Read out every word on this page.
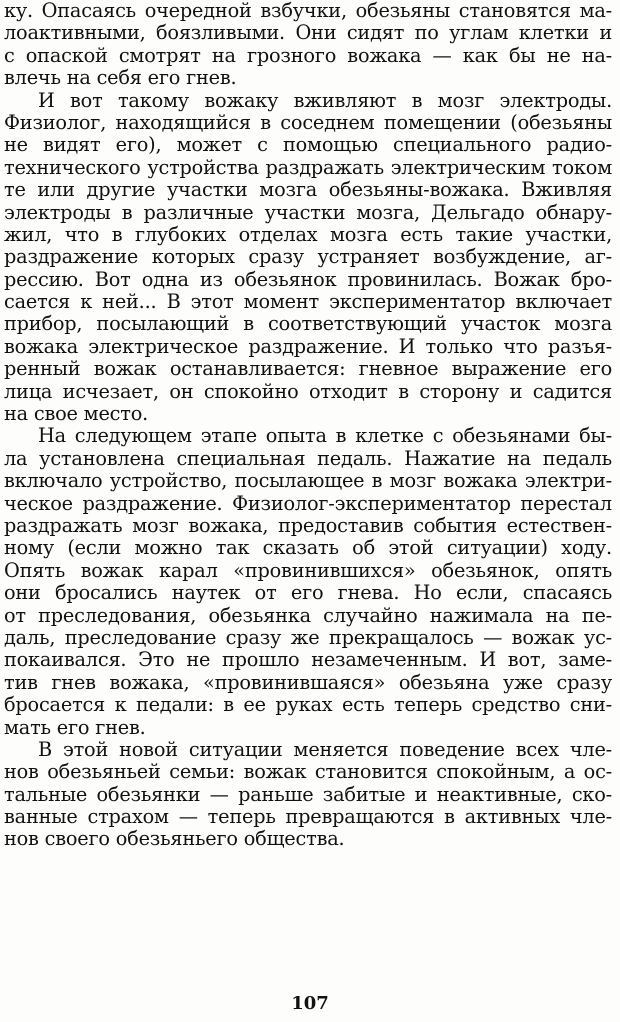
ку. Опасаясь очередной взбучки, обезьяны становятся ма-
лоактивными, боязливыми. Они сидят по углам клетки и
с опаской смотрят на грозного вожака — как бы не на-
влечь на себя его гнев.
И вот такому вожаку вживляют в мозг электроды.
Физиолог, находящийся в соседнем помещении (обезьяны
не видят его), может с помощью специального радио-
технического устройства раздражать электрическим током
те или другие участки мозга обезьяны-вожака. Вживляя
электроды в различные участки мозга, Дельгадо обнару-
жил, что в глубоких отделах мозга есть такие участки,
раздражение которых сразу устраняет возбуждение, аг-
рессию. Вот одна из обезьянок провинилась. Вожак бро-
сается к ней... В этот момент экспериментатор включает
прибор, посылающий в соответствующий участок мозга
вожака электрическое раздражение. И только что разъя-
ренный вожак останавливается: гневное выражение его
лица исчезает, он спокойно отходит в сторону и садится
на свое место.
На следующем этапе опыта в клетке с обезьянами бы-
ла установлена специальная педаль. Нажатие на педаль
включало устройство, посылающее в мозг вожака электри-
ческое раздражение. Физиолог-экспериментатор перестал
раздражать мозг вожака, предоставив события естествен-
ному (если можно так сказать об этой ситуации) ходу.
Опять вожак карал «провинившихся» обезьянок, опять
они бросались наутек от его гнева. Но если, спасаясь
от преследования, обезьянка случайно нажимала на пе-
даль, преследование сразу же прекращалось — вожак ус-
покаивался. Это не прошло незамеченным. И вот, заме-
тив гнев вожака, «провинившаяся» обезьяна уже сразу
бросается к педали: в ее руках есть теперь средство сни-
мать его гнев.
В этой новой ситуации меняется поведение всех чле-
нов обезьяньей семьи: вожак становится спокойным, а ос-
тальные обезьянки — раньше забитые и неактивные, ско-
ванные страхом — теперь превращаются в активных чле-
нов своего обезьяньего общества.
107
